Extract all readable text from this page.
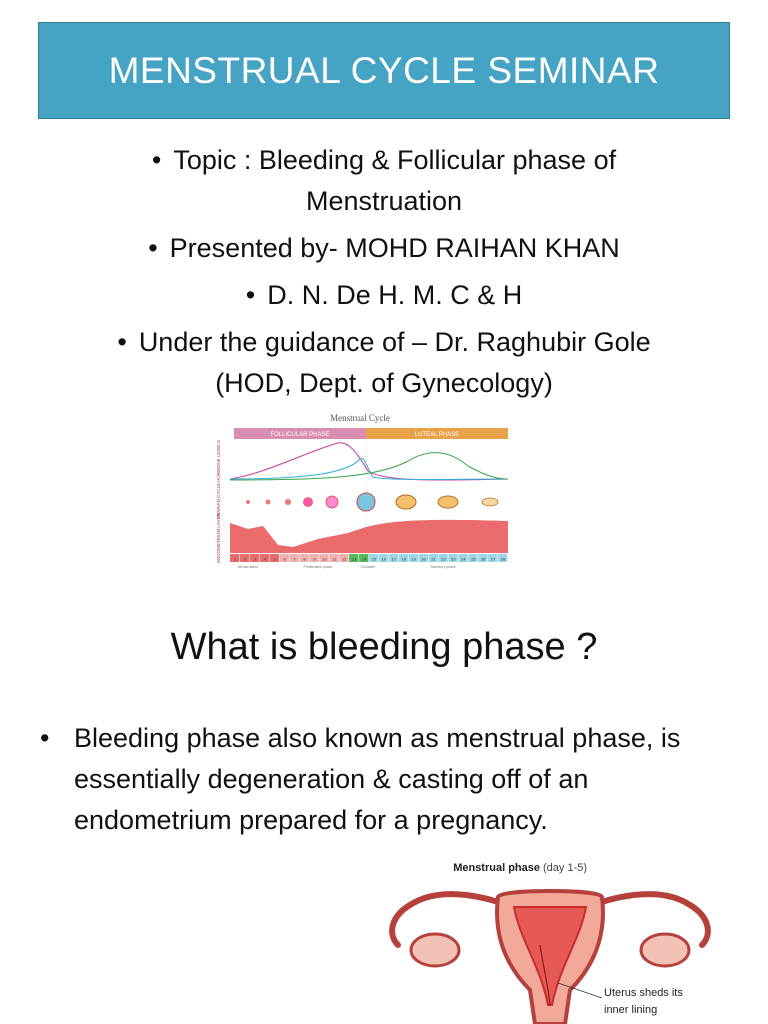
MENSTRUAL CYCLE SEMINAR
• Topic : Bleeding & Follicular phase of
Menstruation
• Presented by- MOHD RAIHAN KHAN
• D. N. De H. M. C & H
• Under the guidance of – Dr. Raghubir Gole
(HOD, Dept. of Gynecology)
Menstrual Cycle
FOLLICULAR PHASE	LUTEAL PHASE
HORMONE LEVELS
OVARIAN CYCLE
ENDOMETRIUM LAYER	1 2 3 4 5 6 7 8 9 10 11 12 13 14 15 16 17 18 19 20 21 22 23 24 25 26 27 28
Menstruation	Proliferative phase	Ovulation	Secretory phase
What is bleeding phase ?
• Bleeding phase also known as menstrual phase, is essentially degeneration & casting off of an endometrium prepared for a pregnancy.
Menstrual phase (day 1-5)
Uterus sheds its
inner lining
